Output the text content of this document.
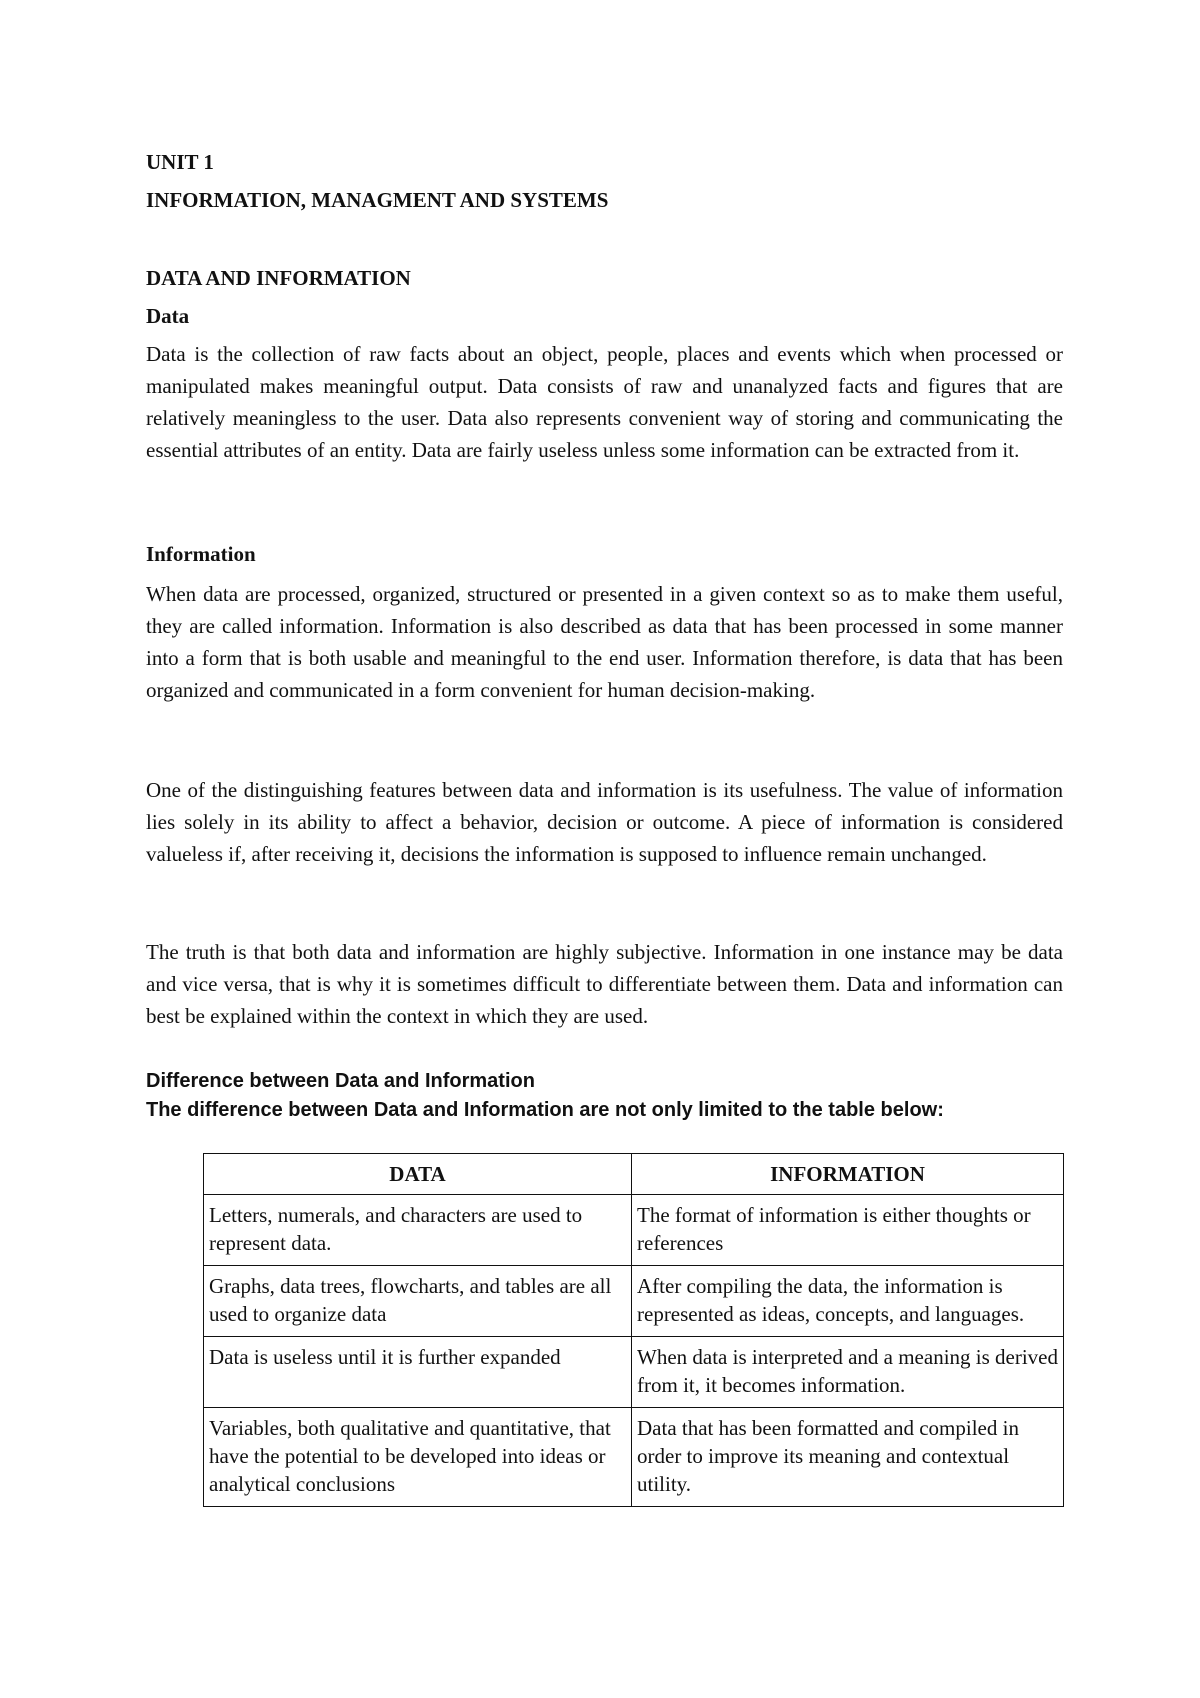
UNIT 1
INFORMATION, MANAGMENT AND SYSTEMS
DATA AND INFORMATION
Data

Data is the collection of raw facts about an object, people, places and events which when processed or manipulated makes meaningful output. Data consists of raw and unanalyzed facts and figures that are relatively meaningless to the user. Data also represents convenient way of storing and communicating the essential attributes of an entity. Data are fairly useless unless some information can be extracted from it.

Information

When data are processed, organized, structured or presented in a given context so as to make them useful, they are called information. Information is also described as data that has been processed in some manner into a form that is both usable and meaningful to the end user. Information therefore, is data that has been organized and communicated in a form convenient for human decision-making.

One of the distinguishing features between data and information is its usefulness. The value of information lies solely in its ability to affect a behavior, decision or outcome. A piece of information is considered valueless if, after receiving it, decisions the information is supposed to influence remain unchanged.

The truth is that both data and information are highly subjective. Information in one instance may be data and vice versa, that is why it is sometimes difficult to differentiate between them. Data and information can best be explained within the context in which they are used.

Difference between Data and Information
The difference between Data and Information are not only limited to the table below:
DATA	INFORMATION
Letters, numerals, and characters are used to represent data.	The format of information is either thoughts or references
Graphs, data trees, flowcharts, and tables are all used to organize data	After compiling the data, the information is represented as ideas, concepts, and languages.
Data is useless until it is further expanded	When data is interpreted and a meaning is derived from it, it becomes information.
Variables, both qualitative and quantitative, that have the potential to be developed into ideas or analytical conclusions	Data that has been formatted and compiled in order to improve its meaning and contextual utility.
